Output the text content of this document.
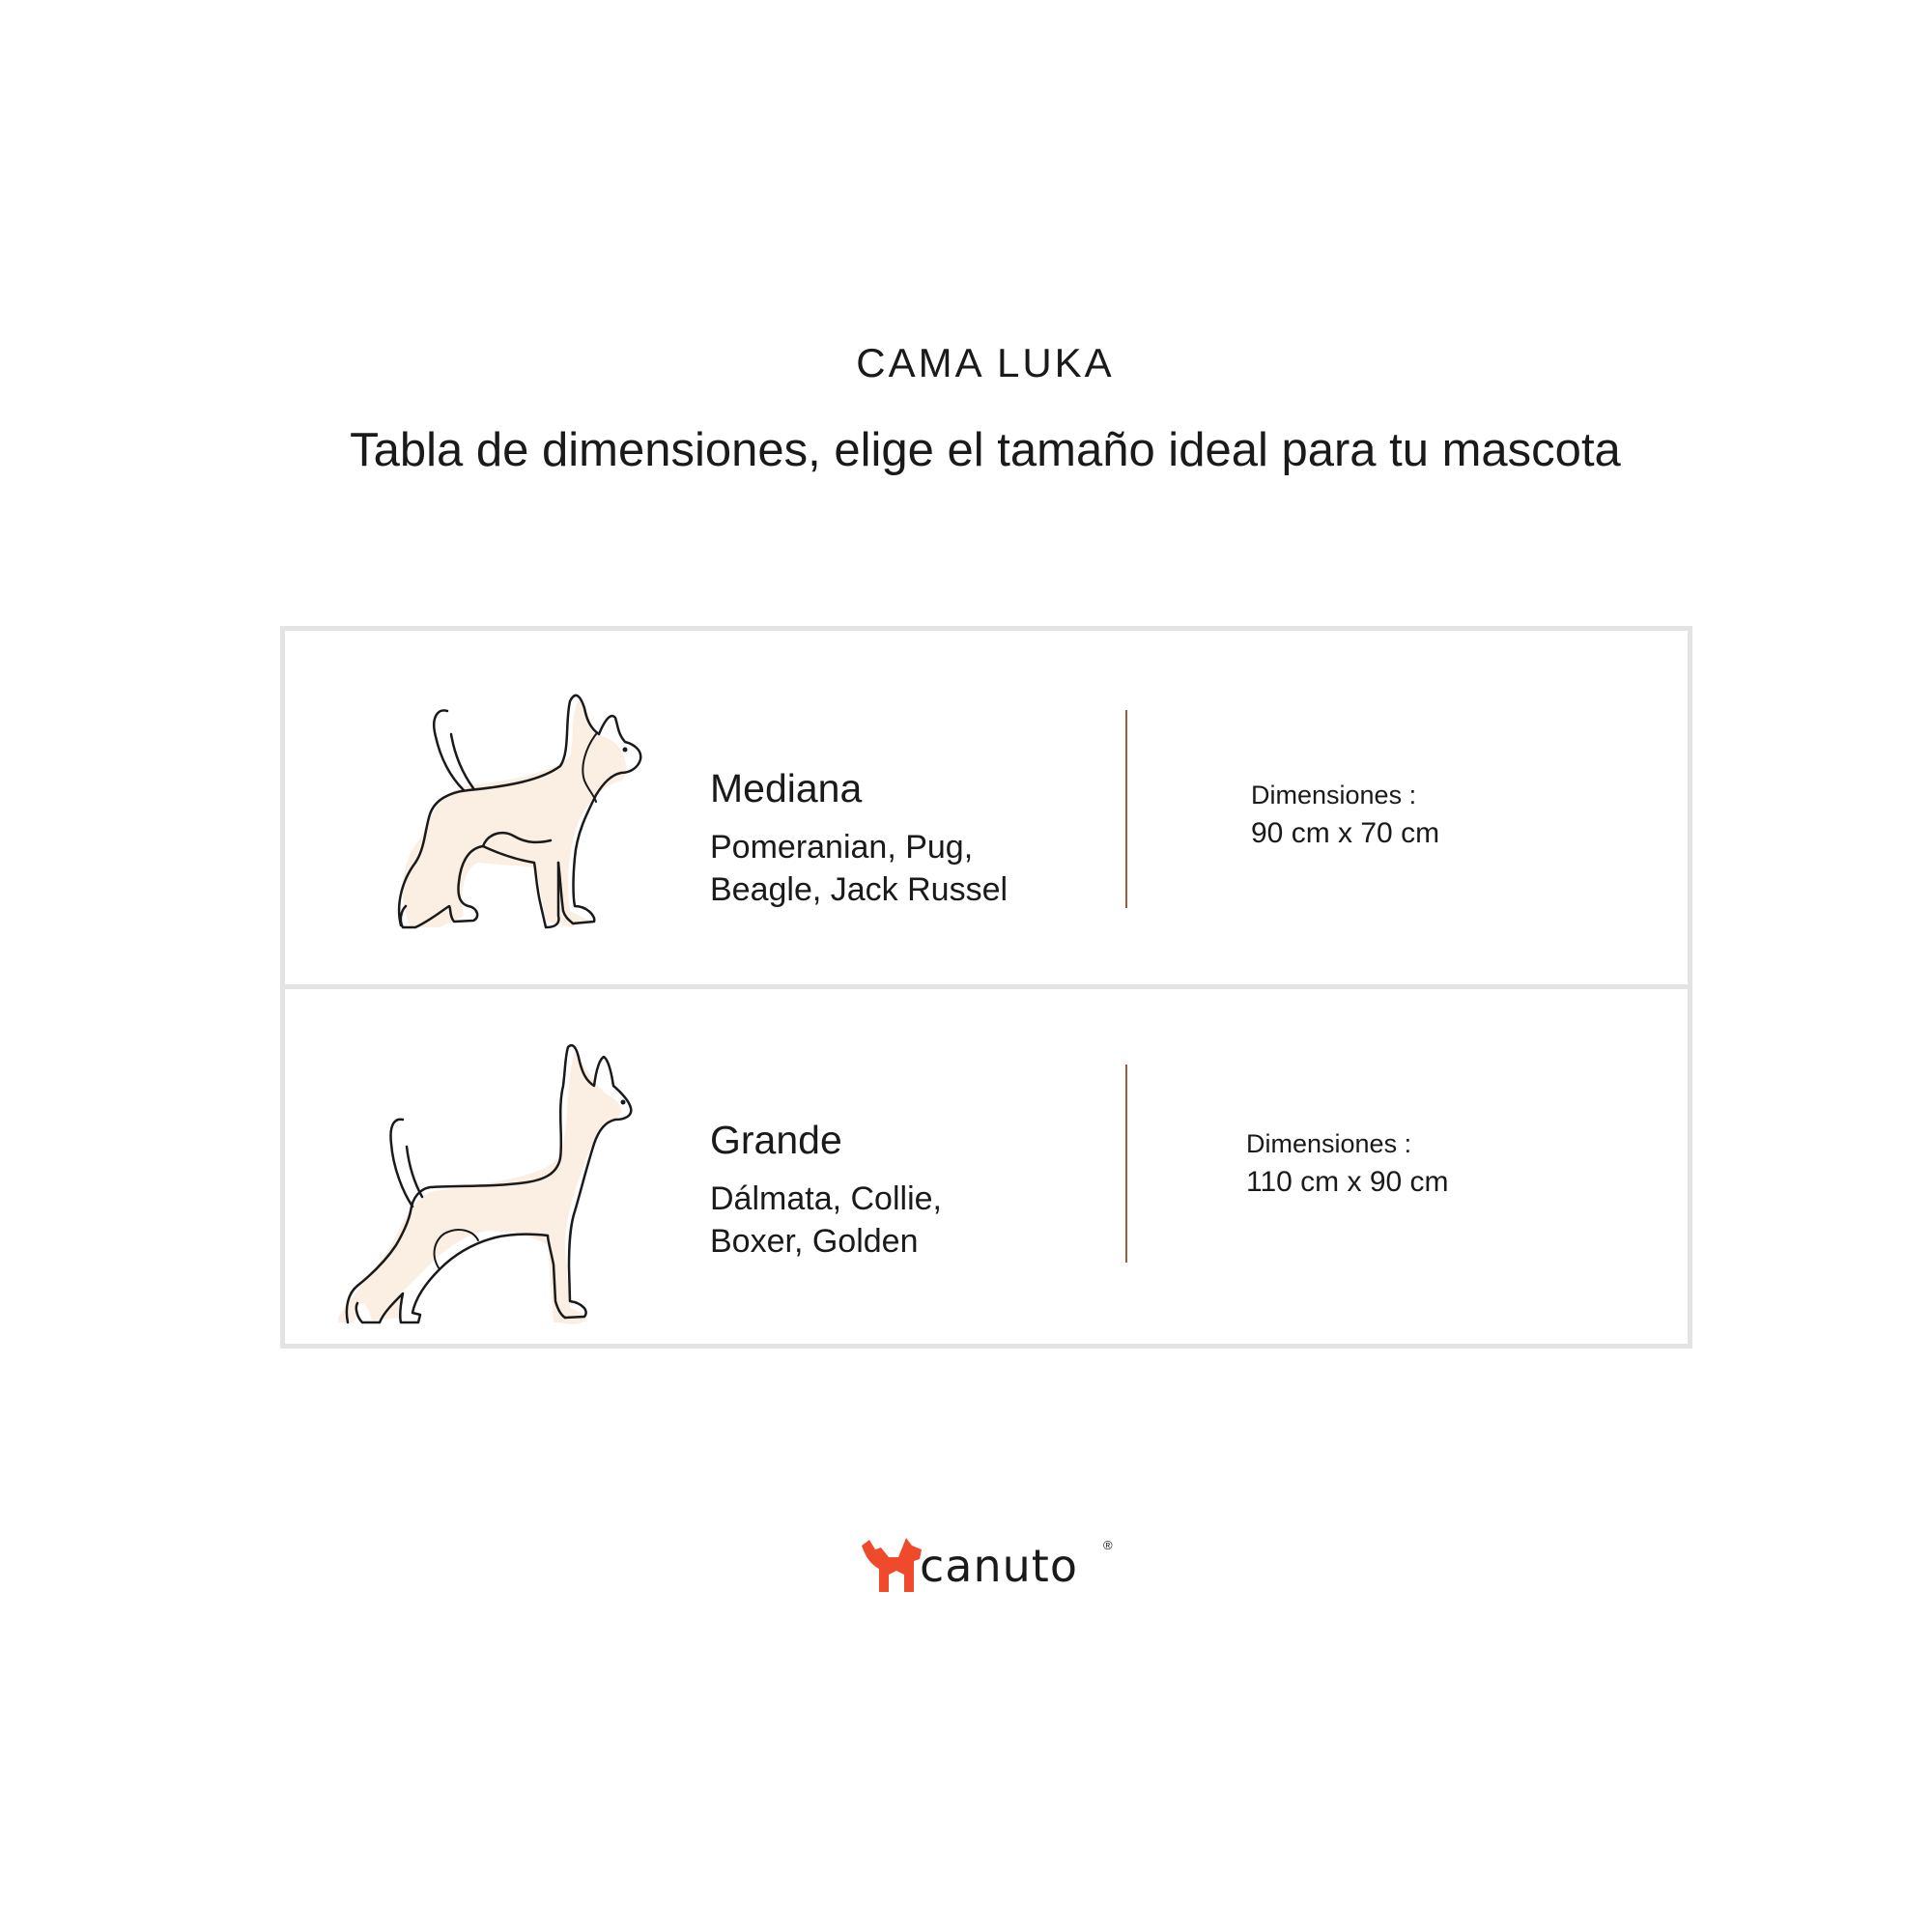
CAMA LUKA
Tabla de dimensiones, elige el tamaño ideal para tu mascota
Mediana
Pomeranian, Pug,
Beagle, Jack Russel
Dimensiones :
90 cm x 70 cm
Grande
Dálmata, Collie,
Boxer, Golden
Dimensiones :
110 cm x 90 cm
canuto ®
